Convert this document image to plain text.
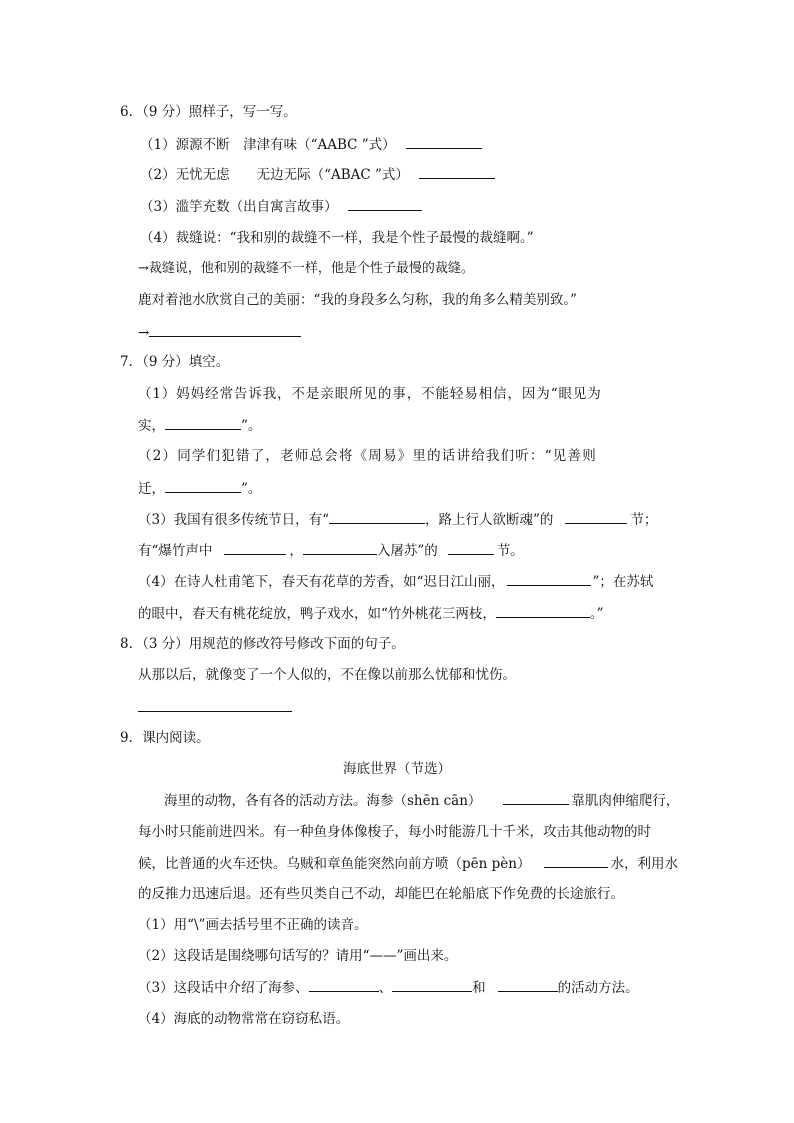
6．（9 分）照样子，写一写。
（1）源源不断　津津有味（“AABC ”式）
（2）无忧无虑　　无边无际（“ABAC ”式）
（3）滥竽充数（出自寓言故事）
（4）裁缝说：“我和别的裁缝不一样，我是个性子最慢的裁缝啊。”
→裁缝说，他和别的裁缝不一样，他是个性子最慢的裁缝。
鹿对着池水欣赏自己的美丽：“我的身段多么匀称，我的角多么精美别致。”
→
7．（9 分）填空。
（1）妈妈经常告诉我，不是亲眼所见的事，不能轻易相信，因为“眼见为
实，	”。
（2）同学们犯错了，老师总会将《周易》里的话讲给我们听：“见善则
迁，	”。
（3）我国有很多传统节日，有“	，路上行人欲断魂”的	节；
有“爆竹声中	，	入屠苏”的	节。
（4）在诗人杜甫笔下，春天有花草的芳香，如“迟日江山丽，	”；在苏轼
的眼中，春天有桃花绽放，鸭子戏水，如“竹外桃花三两枝，	。”
8．（3 分）用规范的修改符号修改下面的句子。
从那以后，就像变了一个人似的，不在像以前那么忧郁和忧伤。
9．课内阅读。
海底世界（节选）
海里的动物，各有各的活动方法。海参（shēn cān）	靠肌肉伸缩爬行，
每小时只能前进四米。有一种鱼身体像梭子，每小时能游几十千米，攻击其他动物的时
候，比普通的火车还快。乌贼和章鱼能突然向前方喷（pēn pèn）	水，利用水
的反推力迅速后退。还有些贝类自己不动，却能巴在轮船底下作免费的长途旅行。
（1）用“\”画去括号里不正确的读音。
（2）这段话是围绕哪句话写的？请用“——”画出来。
（3）这段话中介绍了海参、	、	和	的活动方法。
（4）海底的动物常常在窃窃私语。
